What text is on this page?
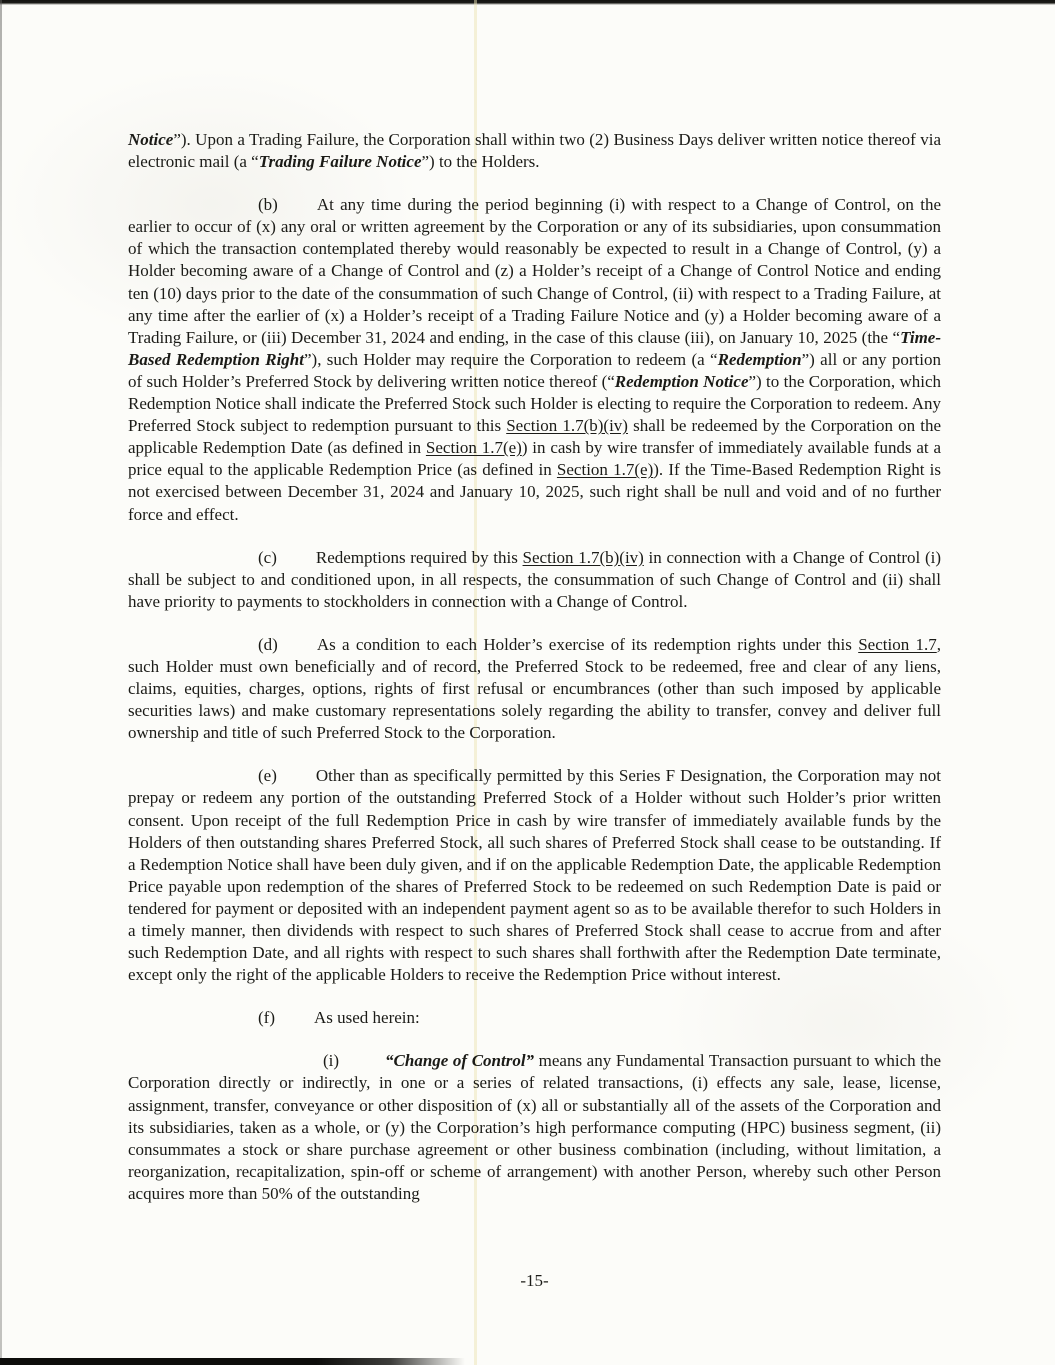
Notice”). Upon a Trading Failure, the Corporation shall within two (2) Business Days deliver written notice thereof via electronic mail (a “Trading Failure Notice”) to the Holders.

(b) At any time during the period beginning (i) with respect to a Change of Control, on the earlier to occur of (x) any oral or written agreement by the Corporation or any of its subsidiaries, upon consummation of which the transaction contemplated thereby would reasonably be expected to result in a Change of Control, (y) a Holder becoming aware of a Change of Control and (z) a Holder’s receipt of a Change of Control Notice and ending ten (10) days prior to the date of the consummation of such Change of Control, (ii) with respect to a Trading Failure, at any time after the earlier of (x) a Holder’s receipt of a Trading Failure Notice and (y) a Holder becoming aware of a Trading Failure, or (iii) December 31, 2024 and ending, in the case of this clause (iii), on January 10, 2025 (the “Time-Based Redemption Right”), such Holder may require the Corporation to redeem (a “Redemption”) all or any portion of such Holder’s Preferred Stock by delivering written notice thereof (“Redemption Notice”) to the Corporation, which Redemption Notice shall indicate the Preferred Stock such Holder is electing to require the Corporation to redeem. Any Preferred Stock subject to redemption pursuant to this Section 1.7(b)(iv) shall be redeemed by the Corporation on the applicable Redemption Date (as defined in Section 1.7(e)) in cash by wire transfer of immediately available funds at a price equal to the applicable Redemption Price (as defined in Section 1.7(e)). If the Time-Based Redemption Right is not exercised between December 31, 2024 and January 10, 2025, such right shall be null and void and of no further force and effect.

(c) Redemptions required by this Section 1.7(b)(iv) in connection with a Change of Control (i) shall be subject to and conditioned upon, in all respects, the consummation of such Change of Control and (ii) shall have priority to payments to stockholders in connection with a Change of Control.

(d) As a condition to each Holder’s exercise of its redemption rights under this Section 1.7, such Holder must own beneficially and of record, the Preferred Stock to be redeemed, free and clear of any liens, claims, equities, charges, options, rights of first refusal or encumbrances (other than such imposed by applicable securities laws) and make customary representations solely regarding the ability to transfer, convey and deliver full ownership and title of such Preferred Stock to the Corporation.

(e) Other than as specifically permitted by this Series F Designation, the Corporation may not prepay or redeem any portion of the outstanding Preferred Stock of a Holder without such Holder’s prior written consent. Upon receipt of the full Redemption Price in cash by wire transfer of immediately available funds by the Holders of then outstanding shares Preferred Stock, all such shares of Preferred Stock shall cease to be outstanding. If a Redemption Notice shall have been duly given, and if on the applicable Redemption Date, the applicable Redemption Price payable upon redemption of the shares of Preferred Stock to be redeemed on such Redemption Date is paid or tendered for payment or deposited with an independent payment agent so as to be available therefor to such Holders in a timely manner, then dividends with respect to such shares of Preferred Stock shall cease to accrue from and after such Redemption Date, and all rights with respect to such shares shall forthwith after the Redemption Date terminate, except only the right of the applicable Holders to receive the Redemption Price without interest.

(f) As used herein:

(i)	“Change of Control” means any Fundamental Transaction pursuant to which the Corporation directly or indirectly, in one or a series of related transactions, (i) effects any sale, lease, license, assignment, transfer, conveyance or other disposition of (x) all or substantially all of the assets of the Corporation and its subsidiaries, taken as a whole, or (y) the Corporation’s high performance computing (HPC) business segment, (ii) consummates a stock or share purchase agreement or other business combination (including, without limitation, a reorganization, recapitalization, spin-off or scheme of arrangement) with another Person, whereby such other Person acquires more than 50% of the outstanding

-15-
